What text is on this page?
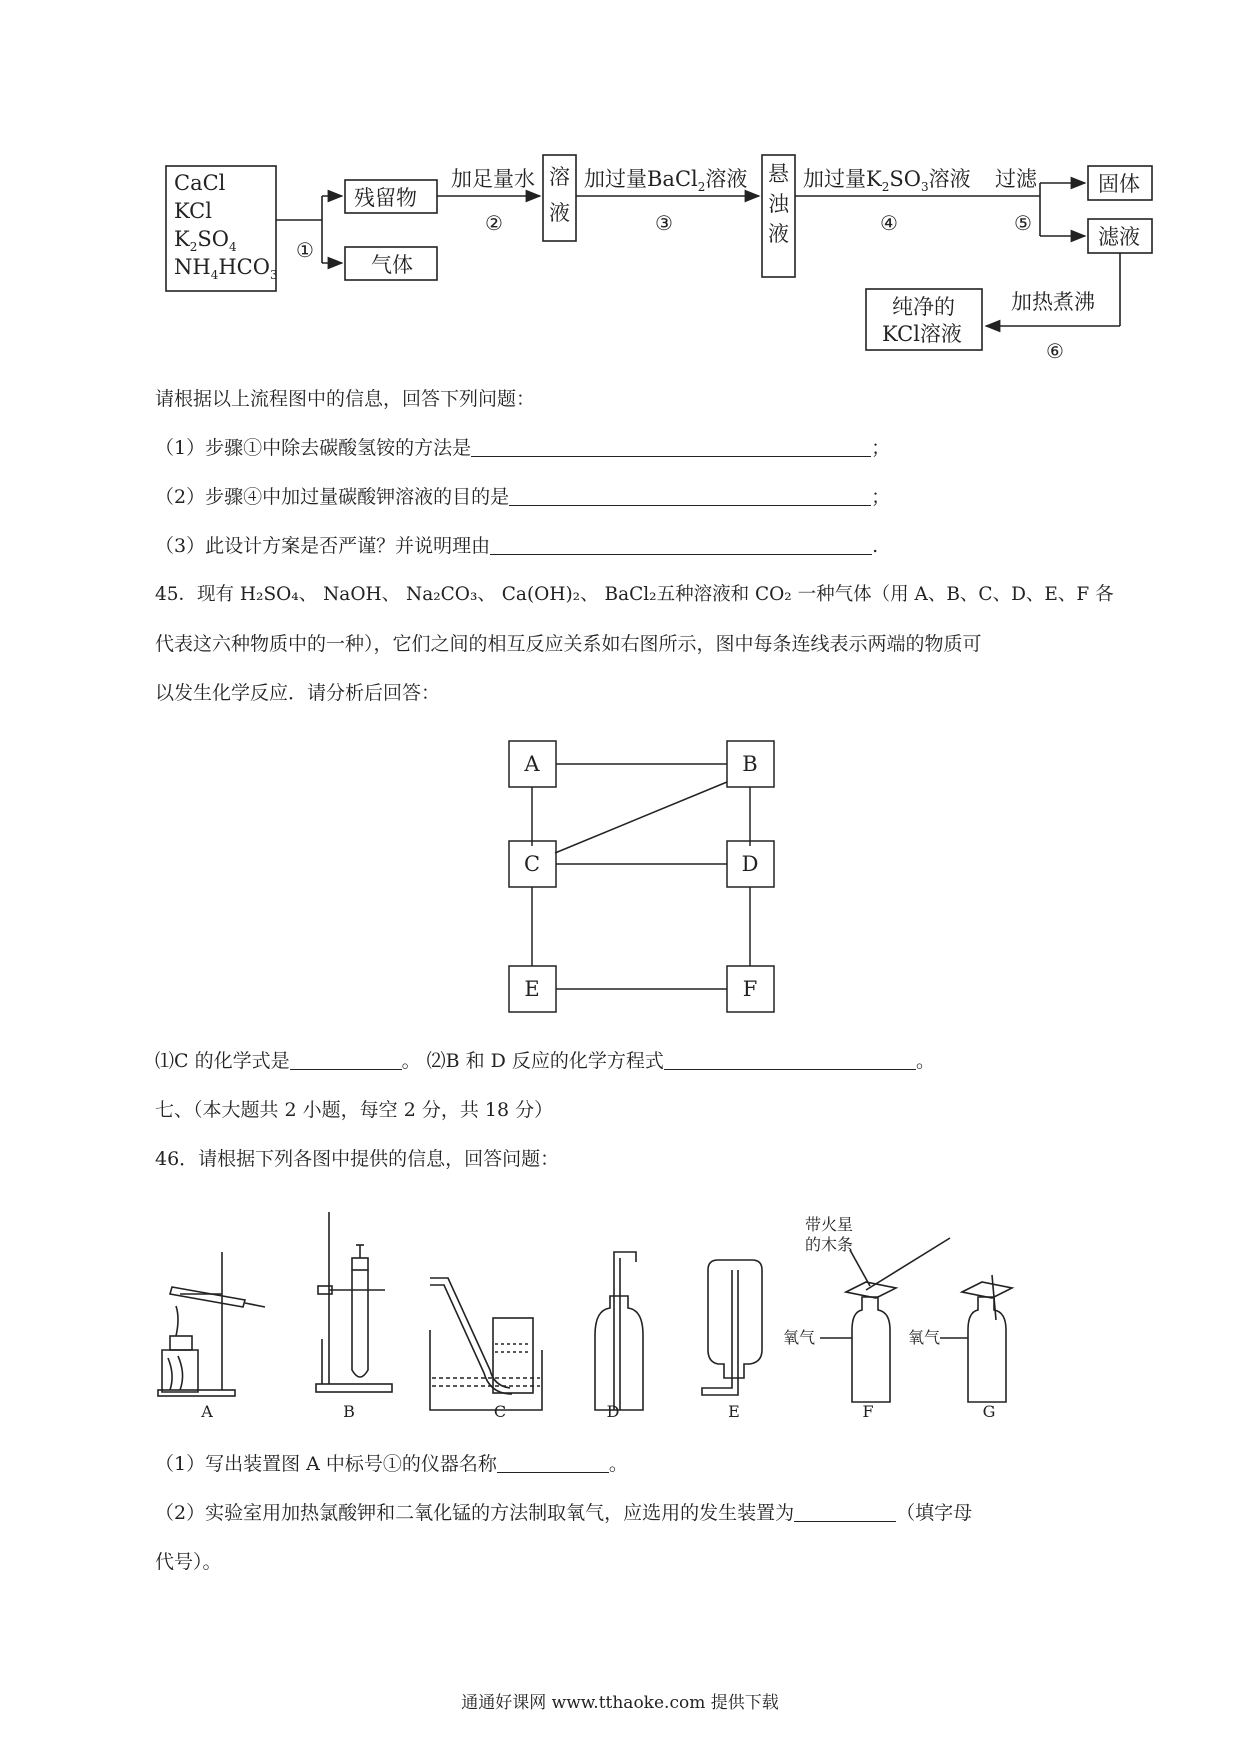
CaCl
KCl
$K_2SO_4$
$NH_4HCO_3$
①
残留物
气体
加足量水
②
溶
液
加过量BaCl$_2$溶液
③
悬
浊
液
加过量$K_2SO_3$溶液
④
过滤
⑤
固体
滤液
加热煮沸
⑥
纯净的
KCl溶液
请根据以上流程图中的信息，回答下列问题：
（1）步骤①中除去碳酸氢铵的方法是	；
（2）步骤④中加过量碳酸钾溶液的目的是	；
（3）此设计方案是否严谨？并说明理由	.
45．现有 H₂SO₄、 NaOH、 Na₂CO₃、 Ca(OH)₂、 BaCl₂五种溶液和 CO₂ 一种气体（用 A、B、C、D、E、F 各
代表这六种物质中的一种），它们之间的相互反应关系如右图所示，图中每条连线表示两端的物质可
以发生化学反应．请分析后回答：
A	B
C	D
E	F
⑴C 的化学式是	。 ⑵B 和 D 反应的化学方程式	。
七、（本大题共 2 小题，每空 2 分，共 18 分）
46．请根据下列各图中提供的信息，回答问题：
带火星
的木条
氧气	氧气
A	B	C	D	E	F	G
（1）写出装置图 A 中标号①的仪器名称	。
（2）实验室用加热氯酸钾和二氧化锰的方法制取氧气，应选用的发生装置为	（填字母
代号）。
通通好课网 www.tthaoke.com 提供下载
